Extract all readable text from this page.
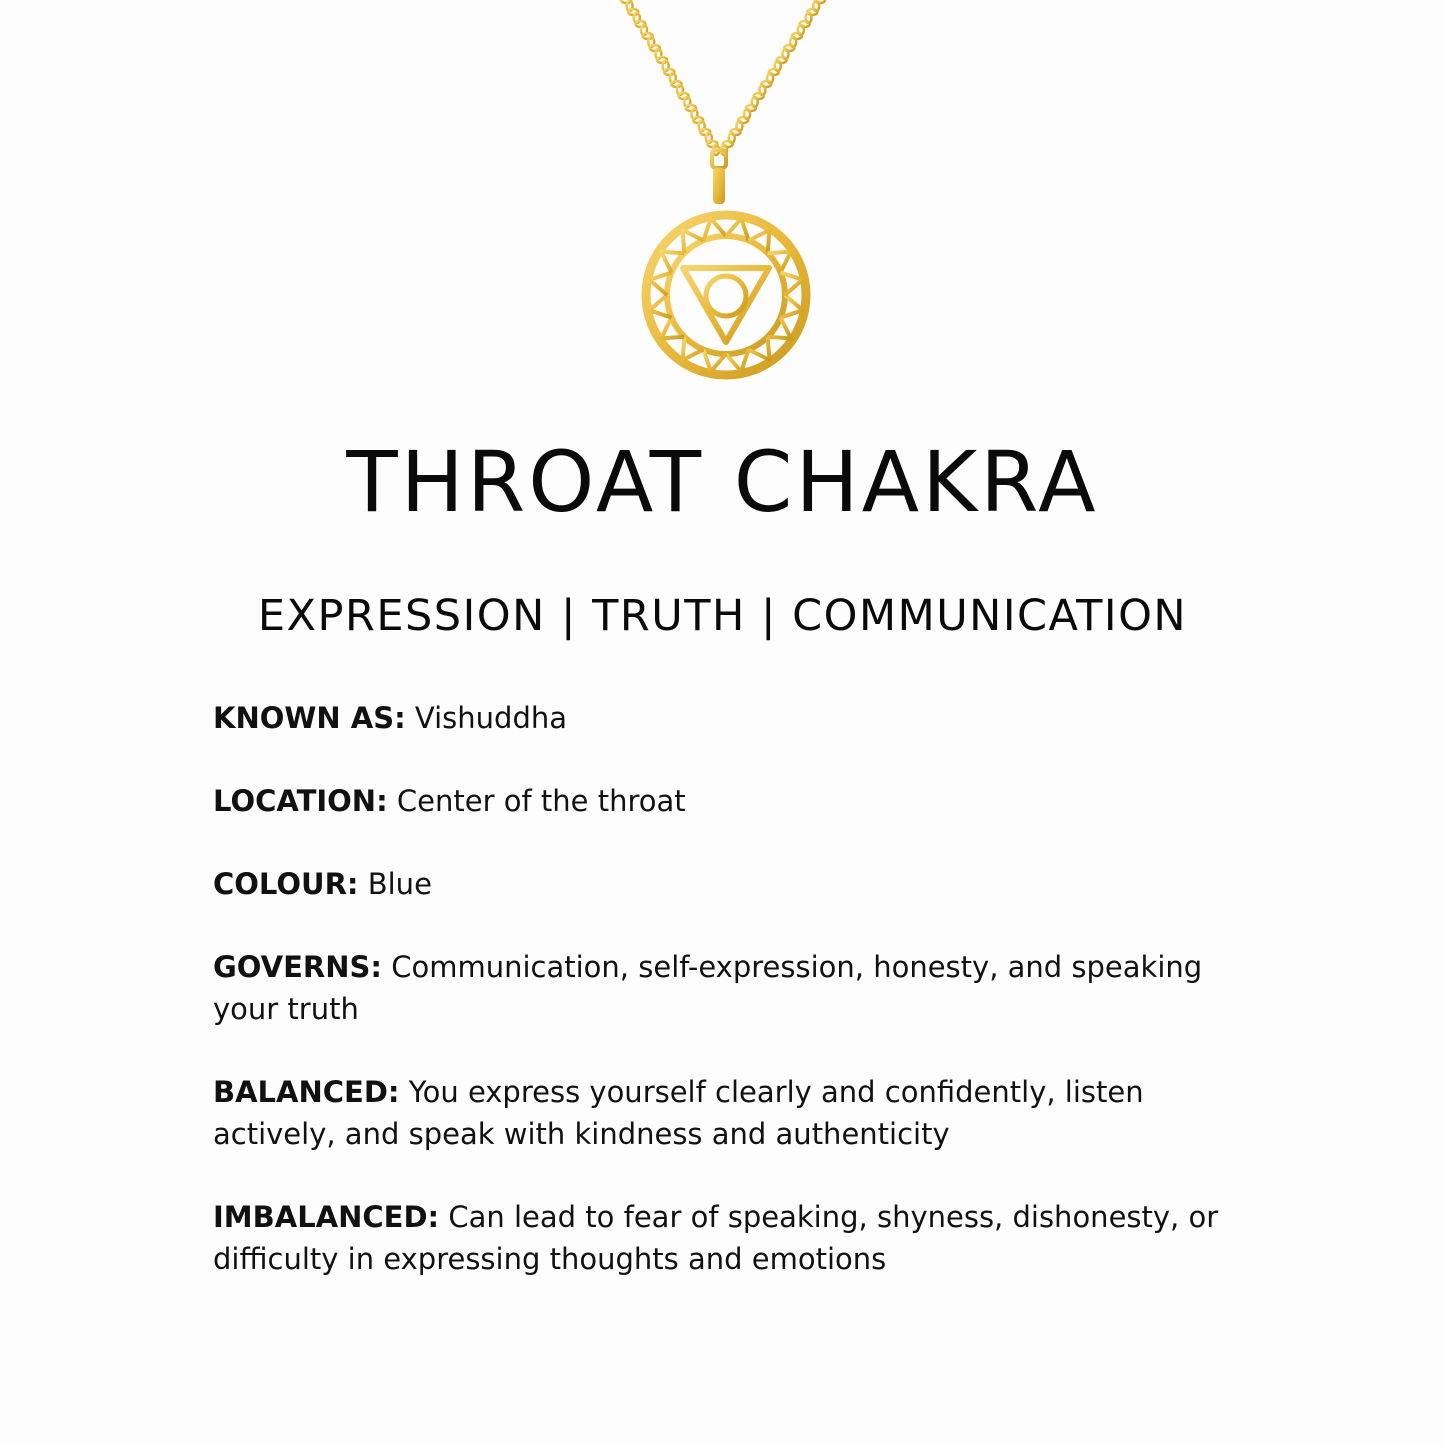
THROAT CHAKRA
EXPRESSION | TRUTH | COMMUNICATION

KNOWN AS: Vishuddha

LOCATION: Center of the throat

COLOUR: Blue

GOVERNS: Communication, self-expression, honesty, and speaking your truth

BALANCED: You express yourself clearly and confidently, listen actively, and speak with kindness and authenticity

IMBALANCED: Can lead to fear of speaking, shyness, dishonesty, or difficulty in expressing thoughts and emotions
